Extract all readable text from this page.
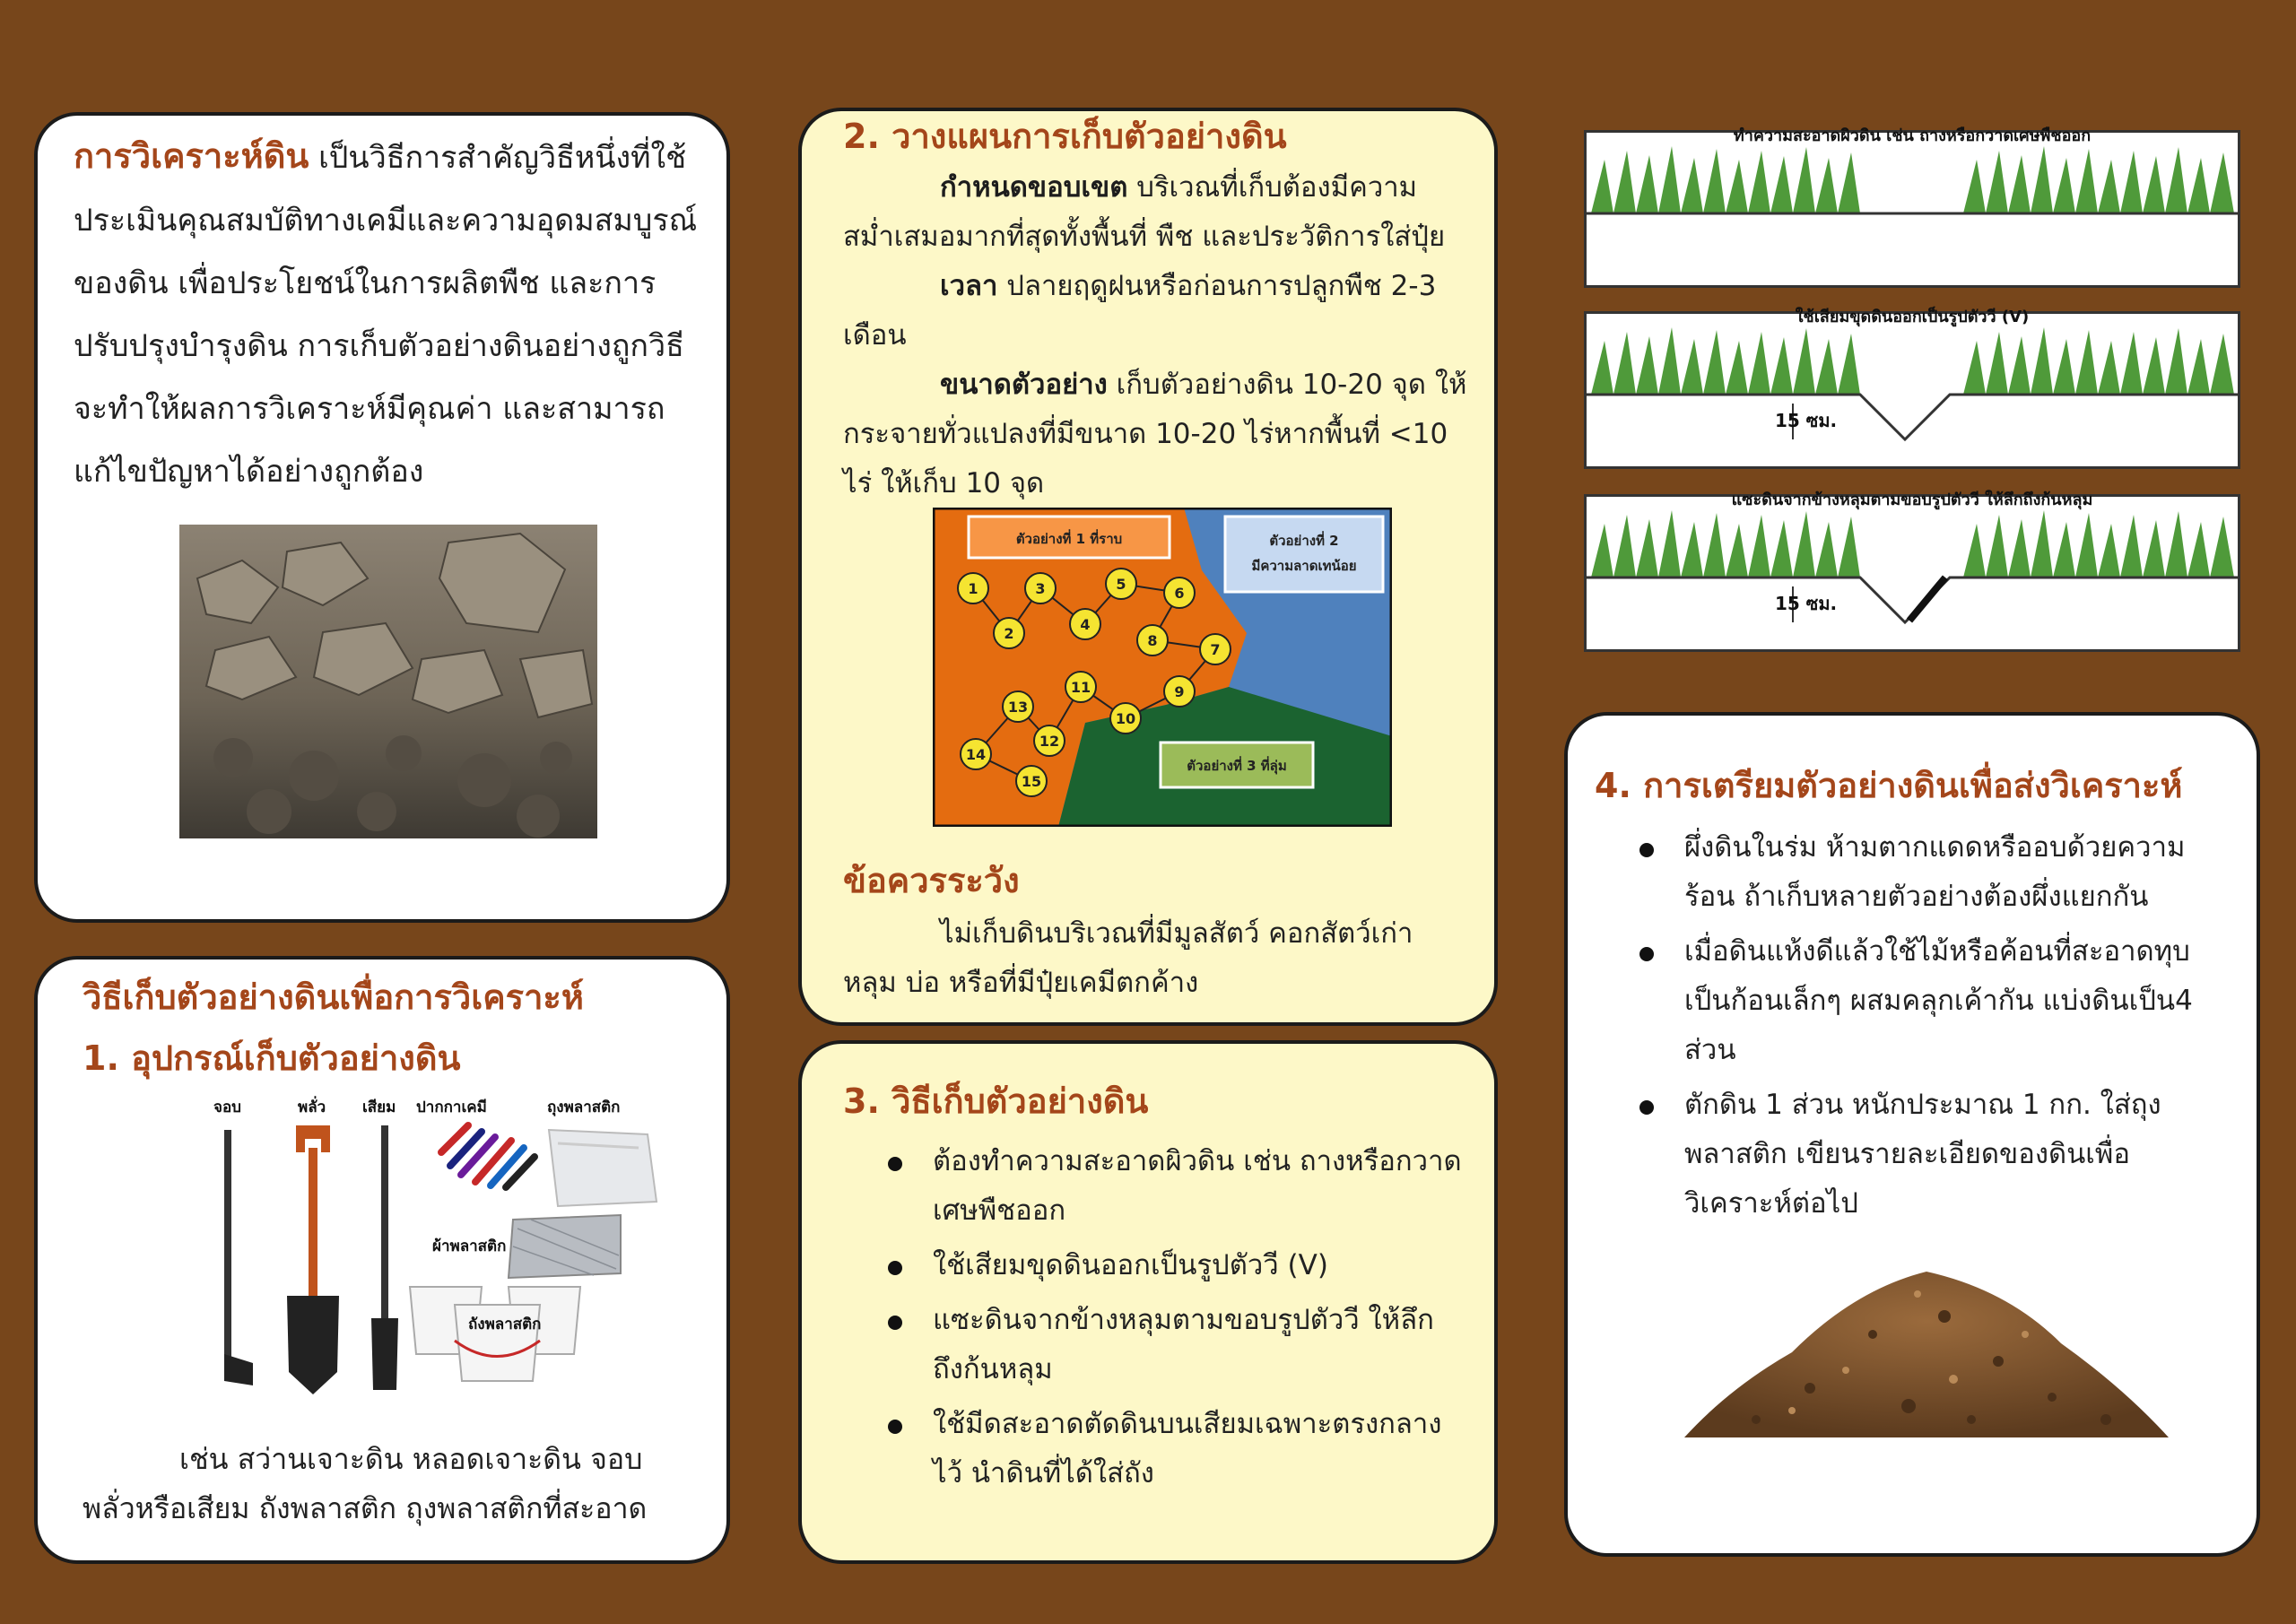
การวิเคราะห์ดิน เป็นวิธีการสำคัญวิธีหนึ่งที่ใช้ประเมินคุณสมบัติทางเคมีและความอุดมสมบูรณ์ของดิน เพื่อประโยชน์ในการผลิตพืช และการปรับปรุงบำรุงดิน การเก็บตัวอย่างดินอย่างถูกวิธีจะทำให้ผลการวิเคราะห์มีคุณค่า และสามารถแก้ไขปัญหาได้อย่างถูกต้อง

วิธีเก็บตัวอย่างดินเพื่อการวิเคราะห์
1. อุปกรณ์เก็บตัวอย่างดิน
จอบ	พลั่ว เสียม ปากกาเคมี	ถุงพลาสติก
ผ้าพลาสติก
ถังพลาสติก

เช่น สว่านเจาะดิน หลอดเจาะดิน จอบ พลั่วหรือเสียม ถังพลาสติก ถุงพลาสติกที่สะอาด

2. วางแผนการเก็บตัวอย่างดิน

กำหนดขอบเขต บริเวณที่เก็บต้องมีความสม่ำเสมอมากที่สุดทั้งพื้นที่ พืช และประวัติการใส่ปุ๋ย

เวลา ปลายฤดูฝนหรือก่อนการปลูกพืช 2-3 เดือน

ขนาดตัวอย่าง เก็บตัวอย่างดิน 10-20 จุด ให้กระจายทั่วแปลงที่มีขนาด 10-20 ไร่หากพื้นที่ <10 ไร่ ให้เก็บ 10 จุด

ตัวอย่างที่ 1 ที่ราบ	ตัวอย่างที่ 2
มีความลาดเทน้อย
ตัวอย่างที่ 3 ที่ลุ่ม
1
2
3
4
5
6
7
8
9
10
11
12
13
14
15
ข้อควรระวัง

ไม่เก็บดินบริเวณที่มีมูลสัตว์ คอกสัตว์เก่า หลุม บ่อ หรือที่มีปุ๋ยเคมีตกค้าง

3. วิธีเก็บตัวอย่างดิน
ต้องทำความสะอาดผิวดิน เช่น ถางหรือกวาดเศษพืชออก
ใช้เสียมขุดดินออกเป็นรูปตัววี (V)
แซะดินจากข้างหลุมตามขอบรูปตัววี ให้ลึกถึงก้นหลุม
ใช้มีดสะอาดตัดดินบนเสียมเฉพาะตรงกลางไว้ นำดินที่ได้ใส่ถัง
ทำความสะอาดผิวดิน เช่น ถางหรือกวาดเศษพืชออก
ใช้เสียมขุดดินออกเป็นรูปตัววี (V)
15 ซม.
แซะดินจากข้างหลุมตามขอบรูปตัววี ให้ลึกถึงก้นหลุม
15 ซม.
4. การเตรียมตัวอย่างดินเพื่อส่งวิเคราะห์
ผึ่งดินในร่ม ห้ามตากแดดหรืออบด้วยความร้อน ถ้าเก็บหลายตัวอย่างต้องผึ่งแยกกัน
เมื่อดินแห้งดีแล้วใช้ไม้หรือค้อนที่สะอาดทุบเป็นก้อนเล็กๆ ผสมคลุกเค้ากัน แบ่งดินเป็น4 ส่วน
ตักดิน 1 ส่วน หนักประมาณ 1 กก. ใส่ถุงพลาสติก เขียนรายละเอียดของดินเพื่อวิเคราะห์ต่อไป
